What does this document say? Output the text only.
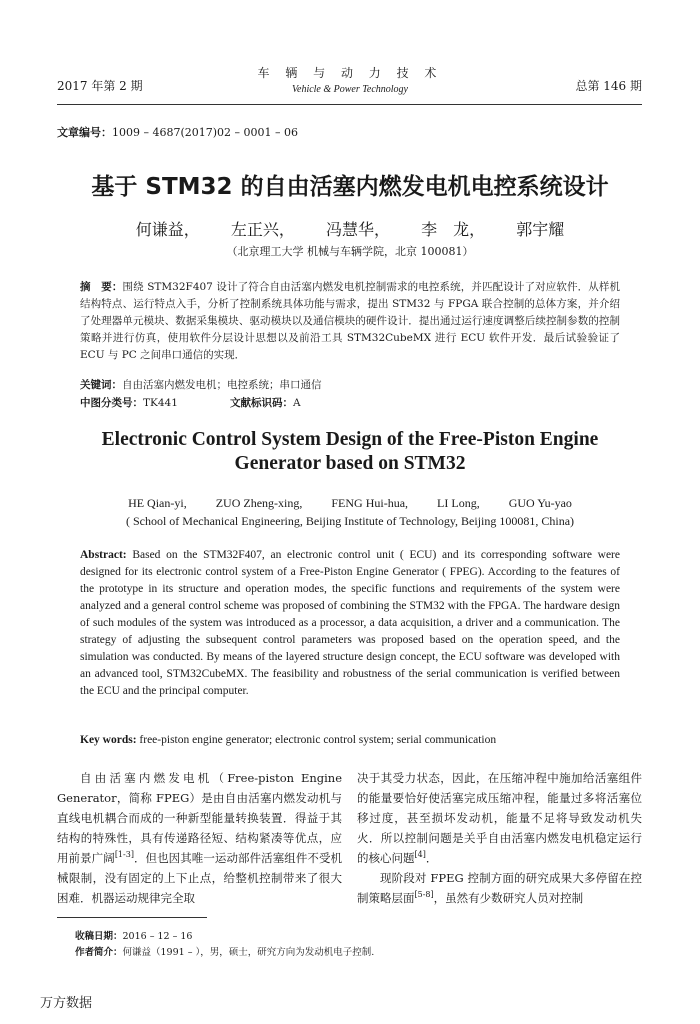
2017 年第 2 期
车 辆 与 动 力 技 术
Vehicle & Power Technology	总第 146 期
文章编号：1009 – 4687(2017)02 – 0001 – 06
基于 STM32 的自由活塞内燃发电机电控系统设计
何谦益， 左正兴， 冯慧华， 李　龙， 郭宇耀
（北京理工大学 机械与车辆学院，北京 100081）
摘　要：围绕 STM32F407 设计了符合自由活塞内燃发电机控制需求的电控系统，并匹配设计了对应软件．从样机结构特点、运行特点入手，分析了控制系统具体功能与需求，提出 STM32 与 FPGA 联合控制的总体方案，并介绍了处理器单元模块、数据采集模块、驱动模块以及通信模块的硬件设计．提出通过运行速度调整后续控制参数的控制策略并进行仿真，使用软件分层设计思想以及前沿工具 STM32CubeMX 进行 ECU 软件开发．最后试验验证了 ECU 与 PC 之间串口通信的实现．
关键词：自由活塞内燃发电机；电控系统；串口通信
中图分类号：TK441	文献标识码：A
Electronic Control System Design of the Free-Piston Engine
Generator based on STM32
HE Qian-yi, ZUO Zheng-xing, FENG Hui-hua, LI Long, GUO Yu-yao
( School of Mechanical Engineering, Beijing Institute of Technology, Beijing 100081, China)
Abstract: Based on the STM32F407, an electronic control unit ( ECU) and its corresponding software were designed for its electronic control system of a Free-Piston Engine Generator ( FPEG). According to the features of the prototype in its structure and operation modes, the specific functions and requirements of the system were analyzed and a general control scheme was proposed of combining the STM32 with the FPGA. The hardware design of such modules of the system was introduced as a processor, a data acquisition, a driver and a communication. The strategy of adjusting the subsequent control parameters was proposed based on the operation speed, and the simulation was conducted. By means of the layered structure design concept, the ECU software was developed with an advanced tool, STM32CubeMX. The feasibility and robustness of the serial communication is verified between the ECU and the principal computer.
Key words: free-piston engine generator; electronic control system; serial communication
自由活塞内燃发电机（Free-piston Engine Generator，简称 FPEG）是由自由活塞内燃发动机与直线电机耦合而成的一种新型能量转换装置．得益于其结构的特殊性，具有传递路径短、结构紧凑等优点，应用前景广阔[1-3]．但也因其唯一运动部件活塞组件不受机械限制，没有固定的上下止点，给整机控制带来了很大困难．机器运动规律完全取

决于其受力状态，因此，在压缩冲程中施加给活塞组件的能量要恰好使活塞完成压缩冲程，能量过多将活塞位移过度，甚至损坏发动机，能量不足将导致发动机失火．所以控制问题是关乎自由活塞内燃发电机稳定运行的核心问题[4]．

现阶段对 FPEG 控制方面的研究成果大多停留在控制策略层面[5-8]，虽然有少数研究人员对控制

收稿日期：2016 – 12 – 16
作者简介：何谦益（1991 – ），男，硕士，研究方向为发动机电子控制.
万方数据
